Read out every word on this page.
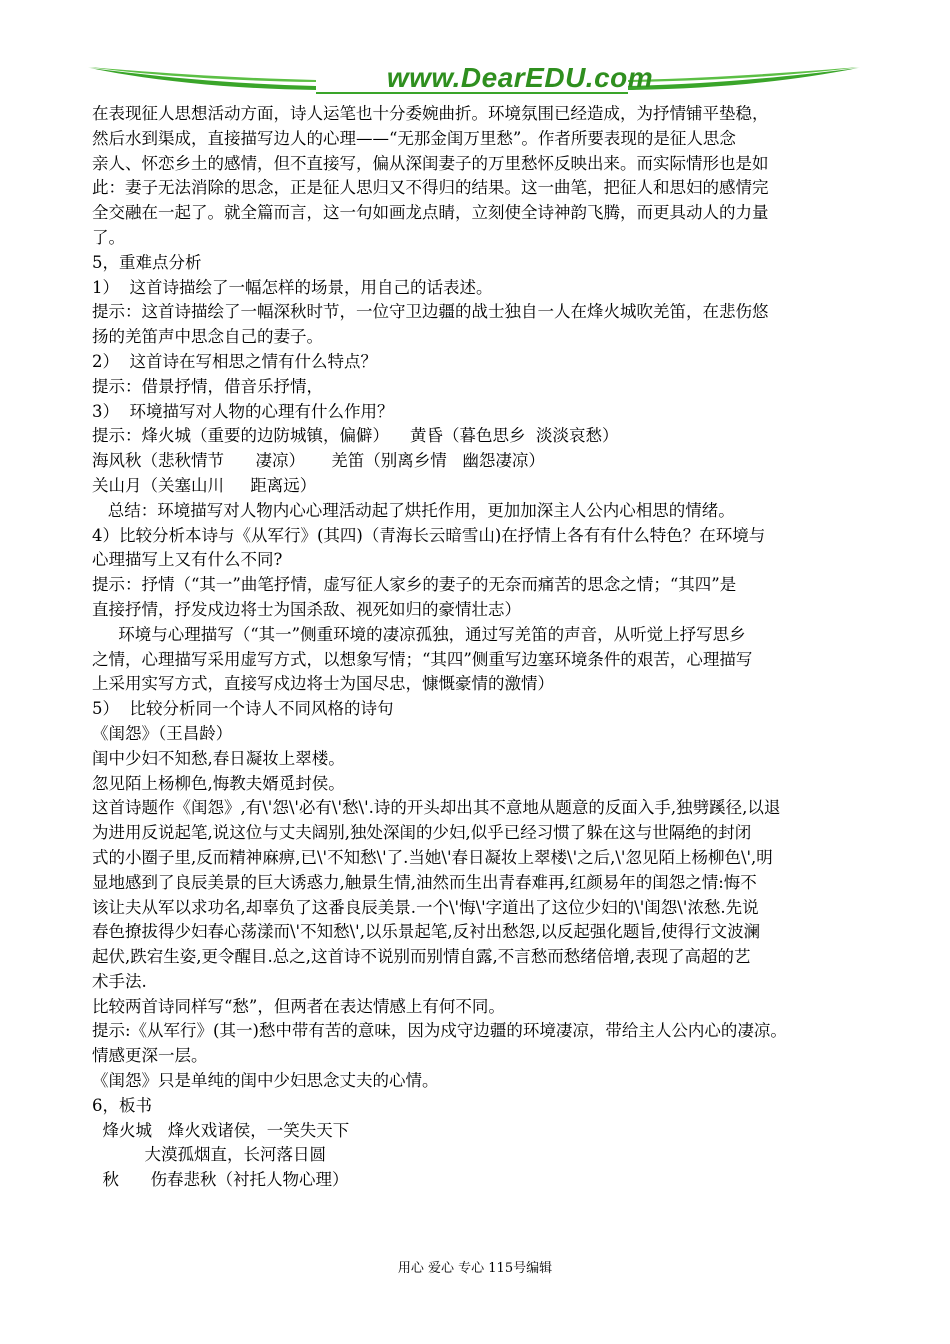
www.DearEDU.com
在表现征人思想活动方面，诗人运笔也十分委婉曲折。环境氛围已经造成，为抒情铺平垫稳，
然后水到渠成，直接描写边人的心理——“无那金闺万里愁”。作者所要表现的是征人思念
亲人、怀恋乡土的感情，但不直接写，偏从深闺妻子的万里愁怀反映出来。而实际情形也是如
此：妻子无法消除的思念，正是征人思归又不得归的结果。这一曲笔，把征人和思妇的感情完
全交融在一起了。就全篇而言，这一句如画龙点睛，立刻使全诗神韵飞腾，而更具动人的力量
了。
5，重难点分析
1）  这首诗描绘了一幅怎样的场景，用自己的话表述。
提示：这首诗描绘了一幅深秋时节，一位守卫边疆的战士独自一人在烽火城吹羌笛，在悲伤悠
扬的羌笛声中思念自己的妻子。
2）  这首诗在写相思之情有什么特点？
提示：借景抒情，借音乐抒情，
3）  环境描写对人物的心理有什么作用？
提示：烽火城（重要的边防城镇，偏僻）    黄昏（暮色思乡  淡淡哀愁）
海风秋（悲秋情节      凄凉）     羌笛（别离乡情   幽怨凄凉）
关山月（关塞山川     距离远）
总结：环境描写对人物内心心理活动起了烘托作用，更加加深主人公内心相思的情绪。
4）比较分析本诗与《从军行》(其四)（青海长云暗雪山)在抒情上各有有什么特色？在环境与
心理描写上又有什么不同?
提示：抒情（“其一”曲笔抒情，虚写征人家乡的妻子的无奈而痛苦的思念之情；“其四”是
直接抒情，抒发戍边将士为国杀敌、视死如归的豪情壮志）
环境与心理描写（“其一”侧重环境的凄凉孤独，通过写羌笛的声音，从听觉上抒写思乡
之情，心理描写采用虚写方式，以想象写情；“其四”侧重写边塞环境条件的艰苦，心理描写
上采用实写方式，直接写戍边将士为国尽忠，慷慨豪情的激情）
5）  比较分析同一个诗人不同风格的诗句
《闺怨》（王昌龄）
闺中少妇不知愁,春日凝妆上翠楼。
忽见陌上杨柳色,悔教夫婿觅封侯。
这首诗题作《闺怨》,有\'怨\'必有\'愁\'.诗的开头却出其不意地从题意的反面入手,独劈蹊径,以退
为进用反说起笔,说这位与丈夫阔别,独处深闺的少妇,似乎已经习惯了躲在这与世隔绝的封闭
式的小圈子里,反而精神麻痹,已\'不知愁\'了.当她\'春日凝妆上翠楼\'之后,\'忽见陌上杨柳色\',明
显地感到了良辰美景的巨大诱惑力,触景生情,油然而生出青春难再,红颜易年的闺怨之情:悔不
该让夫从军以求功名,却辜负了这番良辰美景.一个\'悔\'字道出了这位少妇的\'闺怨\'浓愁.先说
春色撩拔得少妇春心荡漾而\'不知愁\',以乐景起笔,反衬出愁怨,以反起强化题旨,使得行文波澜
起伏,跌宕生姿,更令醒目.总之,这首诗不说别而别情自露,不言愁而愁绪倍增,表现了高超的艺
术手法.
比较两首诗同样写“愁”，但两者在表达情感上有何不同。
提示:《从军行》(其一)愁中带有苦的意味，因为戍守边疆的环境凄凉，带给主人公内心的凄凉。
情感更深一层。
《闺怨》只是单纯的闺中少妇思念丈夫的心情。
6，板书
烽火城   烽火戏诸侯，一笑失天下
大漠孤烟直，长河落日圆
秋      伤春悲秋（衬托人物心理）
用心 爱心 专心 115号编辑
